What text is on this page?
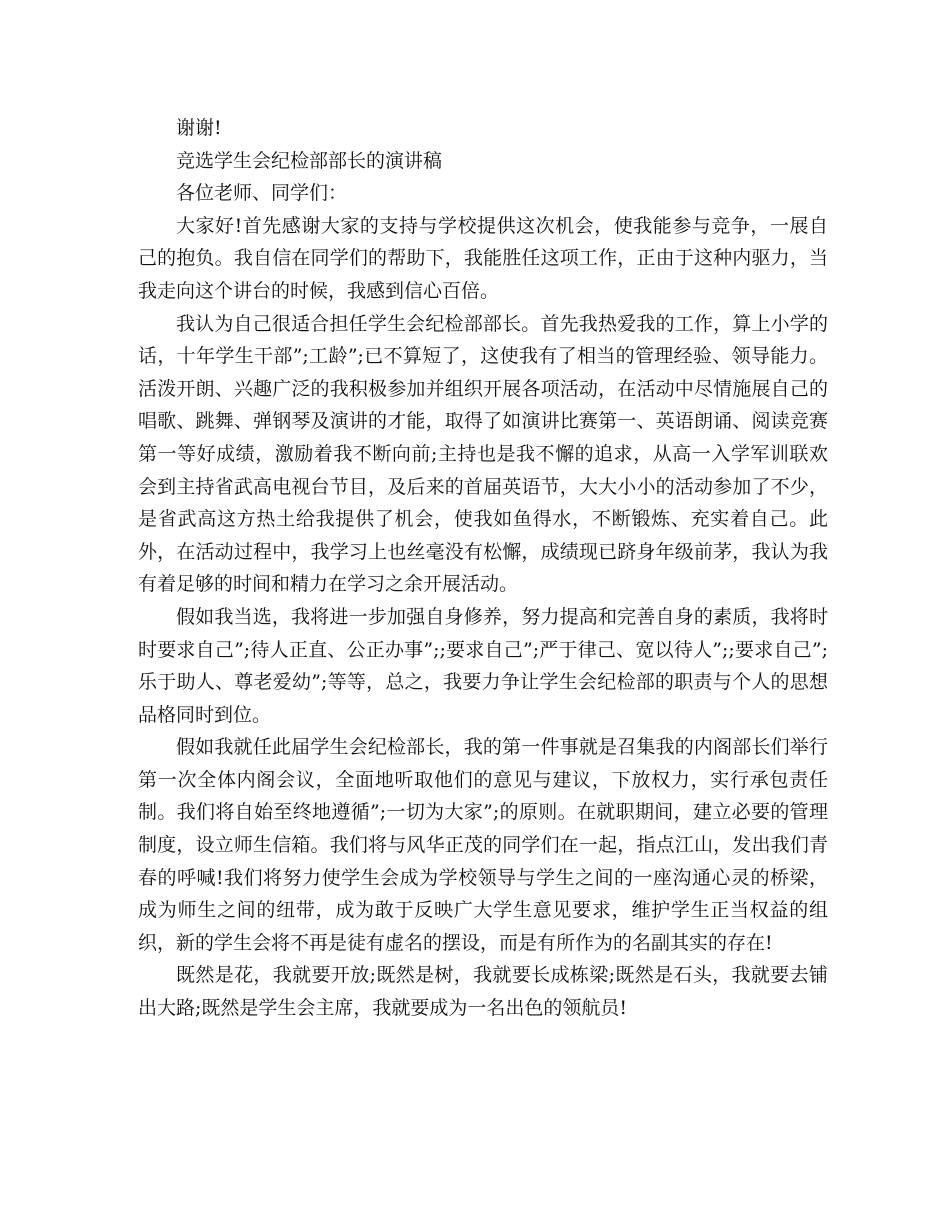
谢谢!

竞选学生会纪检部部长的演讲稿

各位老师、同学们：

大家好!首先感谢大家的支持与学校提供这次机会，使我能参与竞争，一展自己的抱负。我自信在同学们的帮助下，我能胜任这项工作，正由于这种内驱力，当我走向这个讲台的时候，我感到信心百倍。

我认为自己很适合担任学生会纪检部部长。首先我热爱我的工作，算上小学的话，十年学生干部”;工龄”;已不算短了，这使我有了相当的管理经验、领导能力。活泼开朗、兴趣广泛的我积极参加并组织开展各项活动，在活动中尽情施展自己的唱歌、跳舞、弹钢琴及演讲的才能，取得了如演讲比赛第一、英语朗诵、阅读竞赛第一等好成绩，激励着我不断向前;主持也是我不懈的追求，从高一入学军训联欢会到主持省武高电视台节目，及后来的首届英语节，大大小小的活动参加了不少，是省武高这方热土给我提供了机会，使我如鱼得水，不断锻炼、充实着自己。此外，在活动过程中，我学习上也丝毫没有松懈，成绩现已跻身年级前茅，我认为我有着足够的时间和精力在学习之余开展活动。

假如我当选，我将进一步加强自身修养，努力提高和完善自身的素质，我将时时要求自己”;待人正直、公正办事”;;要求自己”;严于律己、宽以待人”;;要求自己”;乐于助人、尊老爱幼”;等等，总之，我要力争让学生会纪检部的职责与个人的思想品格同时到位。

假如我就任此届学生会纪检部长，我的第一件事就是召集我的内阁部长们举行第一次全体内阁会议，全面地听取他们的意见与建议，下放权力，实行承包责任制。我们将自始至终地遵循”;一切为大家”;的原则。在就职期间，建立必要的管理制度，设立师生信箱。我们将与风华正茂的同学们在一起，指点江山，发出我们青春的呼喊!我们将努力使学生会成为学校领导与学生之间的一座沟通心灵的桥梁，成为师生之间的纽带，成为敢于反映广大学生意见要求，维护学生正当权益的组织，新的学生会将不再是徒有虚名的摆设，而是有所作为的名副其实的存在!

既然是花，我就要开放;既然是树，我就要长成栋梁;既然是石头，我就要去铺出大路;既然是学生会主席，我就要成为一名出色的领航员!
